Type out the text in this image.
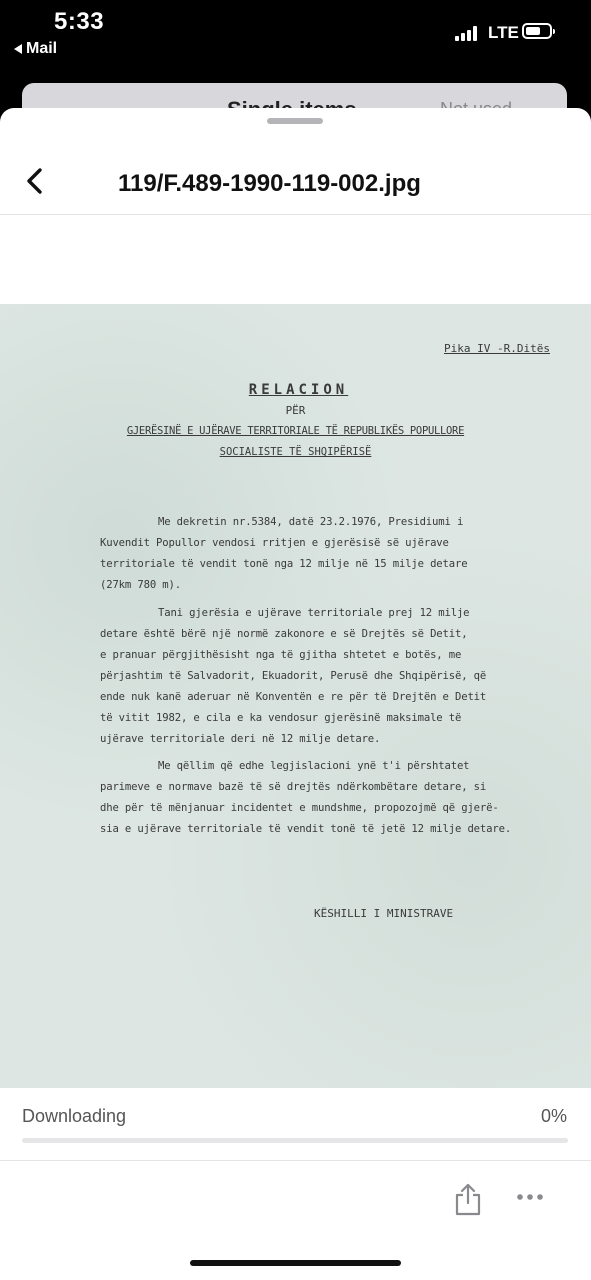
5:33
Mail
LTE
119/F.489-1990-119-002.jpg
Pika IV -R.Ditës
RELACION
PËR
GJERËSINË E UJËRAVE TERRITORIALE TË REPUBLIKËS POPULLORE
SOCIALISTE TË SHQIPËRISË
Me dekretin nr.5384, datë 23.2.1976, Presidiumi i
Kuvendit Popullor vendosi rritjen e gjerësisë së ujërave
territoriale të vendit tonë nga 12 milje në 15 milje detare
(27km 780 m).
Tani gjerësia e ujërave territoriale prej 12 milje
detare është bërë një normë zakonore e së Drejtës së Detit,
e pranuar përgjithësisht nga të gjitha shtetet e botës, me
përjashtim të Salvadorit, Ekuadorit, Perusë dhe Shqipërisë, që
ende nuk kanë aderuar në Konventën e re për të Drejtën e Detit
të vitit 1982, e cila e ka vendosur gjerësinë maksimale të
ujërave territoriale deri në 12 milje detare.
Me qëllim që edhe legjislacioni ynë t'i përshtatet
parimeve e normave bazë të së drejtës ndërkombëtare detare, si
dhe për të mënjanuar incidentet e mundshme, propozojmë që gjerë-
sia e ujërave territoriale të vendit tonë të jetë 12 milje detare.
KËSHILLI I MINISTRAVE
Downloading	0%
